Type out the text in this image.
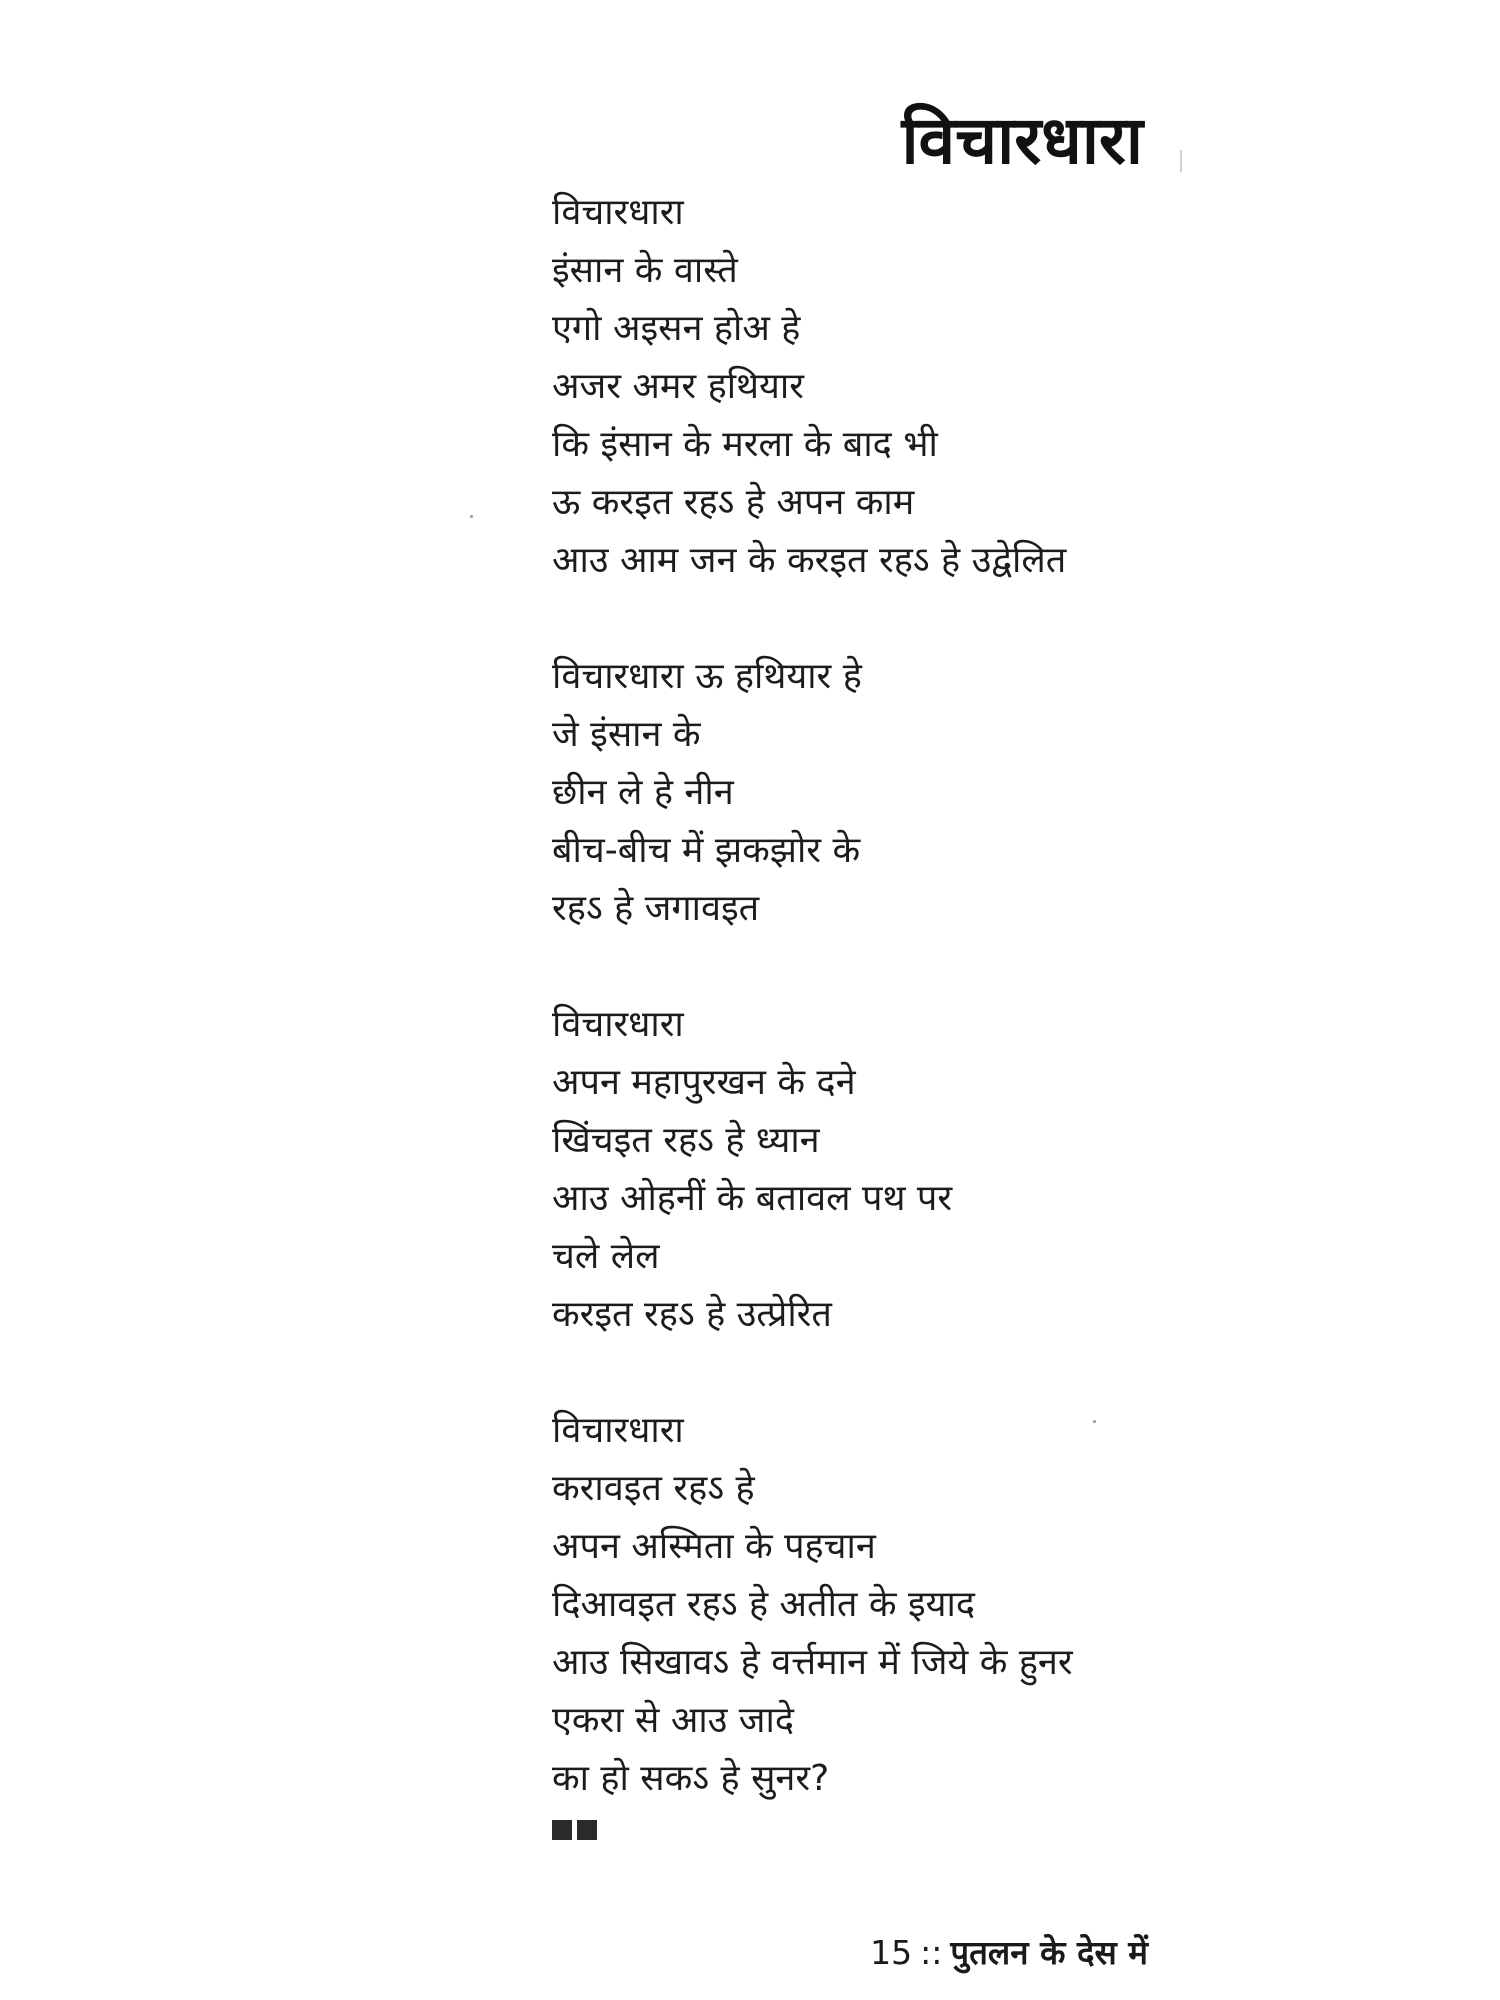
विचारधारा
विचारधारा
इंसान के वास्ते
एगो अइसन होअ हे
अजर अमर हथियार
कि इंसान के मरला के बाद भी
ऊ करइत रहऽ हे अपन काम
आउ आम जन के करइत रहऽ हे उद्वेलित
विचारधारा ऊ हथियार हे
जे इंसान के
छीन ले हे नीन
बीच-बीच में झकझोर के
रहऽ हे जगावइत
विचारधारा
अपन महापुरखन के दने
खिंचइत रहऽ हे ध्यान
आउ ओहनीं के बतावल पथ पर
चले लेल
करइत रहऽ हे उत्प्रेरित
विचारधारा
करावइत रहऽ हे
अपन अस्मिता के पहचान
दिआवइत रहऽ हे अतीत के इयाद
आउ सिखावऽ हे वर्त्तमान में जिये के हुनर
एकरा से आउ जादे
का हो सकऽ हे सुनर?
15 :: पुतलन के देस में
